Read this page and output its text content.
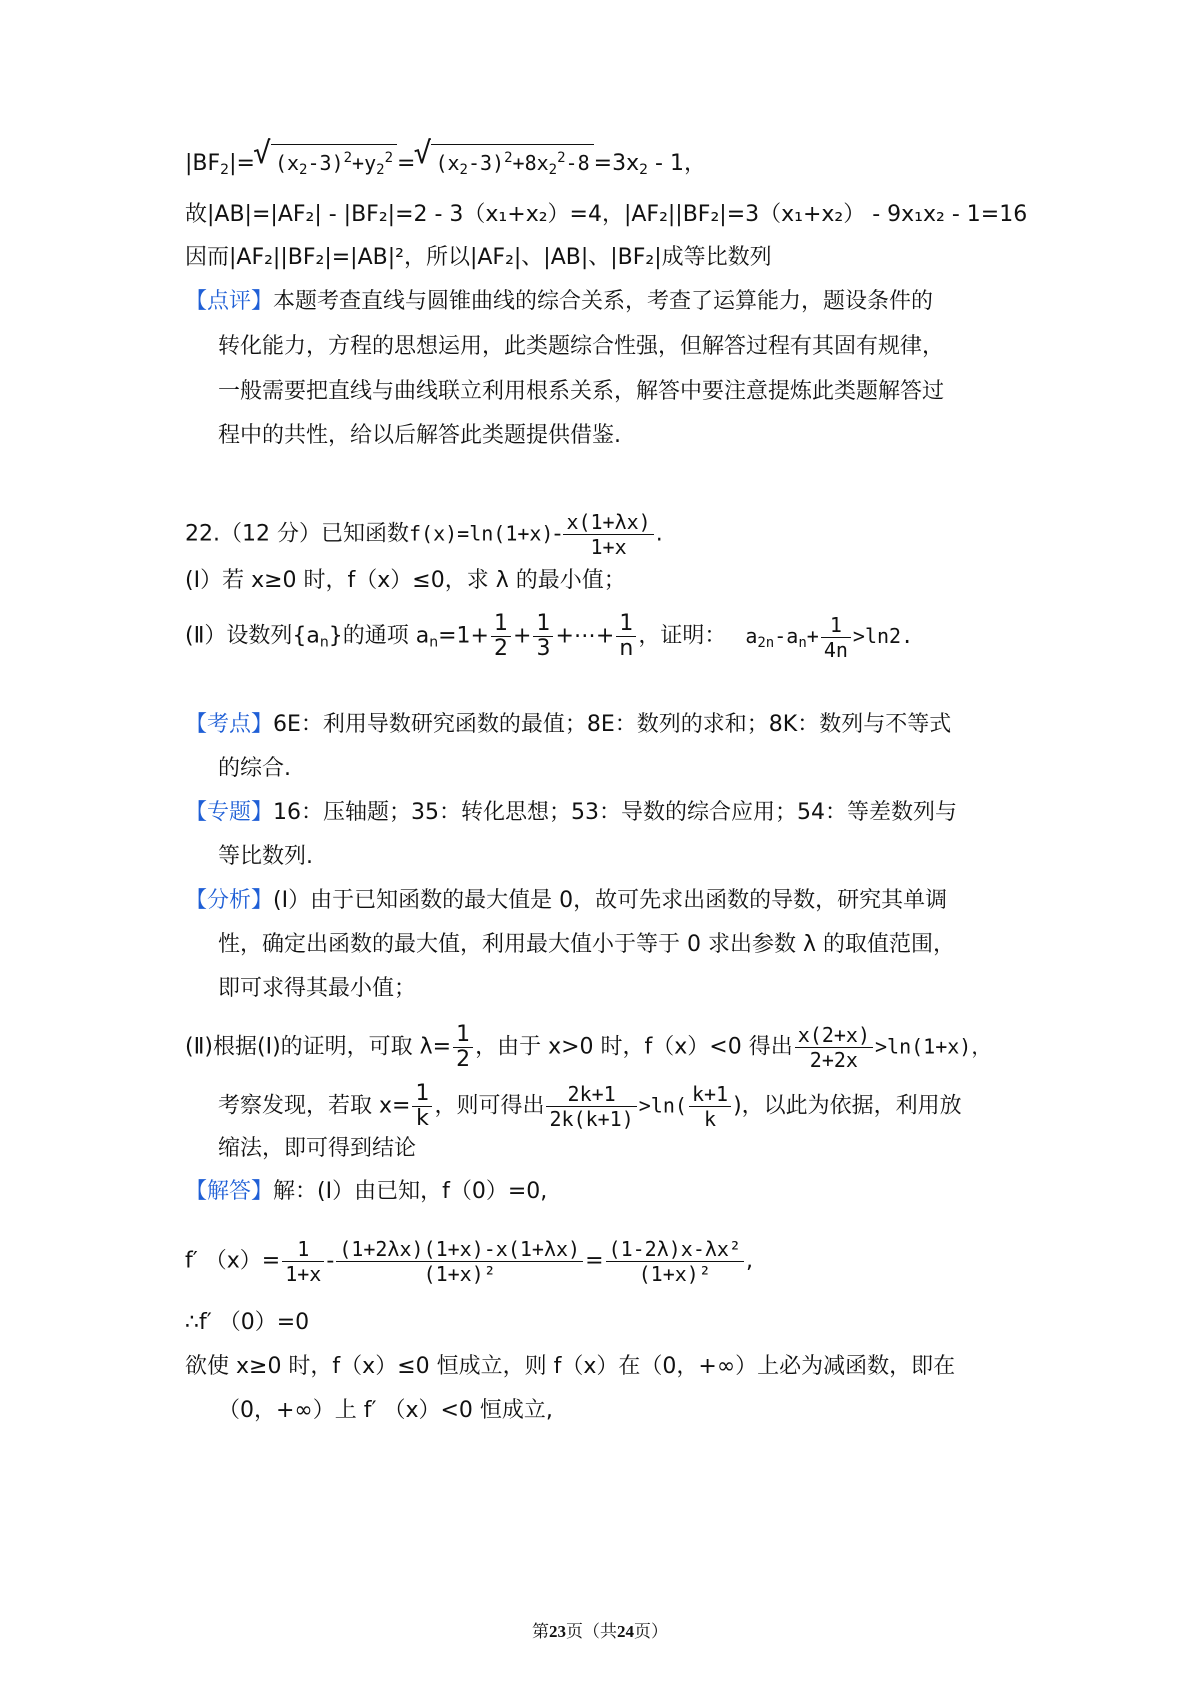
$|BF_2|=√$ $(x_2-3)^2+y_2^2$ =√ $(x_2-3)^2+8x_2^2-8 =3x_2 - 1$，
故|AB|=|AF₂| - |BF₂|=2 - 3（x₁+x₂）=4，|AF₂||BF₂|=3（x₁+x₂） - 9x₁x₂ - 1=16
因而|AF₂||BF₂|=|AB|²，所以|AF₂|、|AB|、|BF₂|成等比数列
【点评】本题考查直线与圆锥曲线的综合关系，考查了运算能力，题设条件的
转化能力，方程的思想运用，此类题综合性强，但解答过程有其固有规律，
一般需要把直线与曲线联立利用根系关系，解答中要注意提炼此类题解答过
程中的共性，给以后解答此类题提供借鉴.
22.（12 分）已知函数$f(x)=\ln(1+x)- \frac{x(1+\lambda x)}{1+x}$ .
(Ⅰ）若 x≥0 时，f（x）≤0，求 λ 的最小值；
(Ⅱ）设数列$\{a_n\}$的通项 $a_n=1+ \frac{1}{2} + \frac{1}{3}$ +⋯+ $\frac{1}{n}$ ，证明： $a_{2n}-a_n+ \frac{1}{4n} >\ln 2$.
【考点】6E：利用导数研究函数的最值；8E：数列的求和；8K：数列与不等式
的综合.
【专题】16：压轴题；35：转化思想；53：导数的综合应用；54：等差数列与
等比数列.
【分析】(Ⅰ）由于已知函数的最大值是 0，故可先求出函数的导数，研究其单调
性，确定出函数的最大值，利用最大值小于等于 0 求出参数 λ 的取值范围，
即可求得其最小值；
(Ⅱ)根据(Ⅰ)的证明，可取 $\lambda= \frac{1}{2}$ ，由于 x>0 时，f（x）<0 得出 $\frac{x(2+x)}{2+2x} >\ln(1+x)$，
考察发现，若取 $x= \frac{1}{k}$ ，则可得出 $\frac{2k+1}{2k(k+1)} >\ln( \frac{k+1}{k}$ )，以此为依据，利用放
缩法，即可得到结论
【解答】解：(Ⅰ）由已知，f（0）=0,
f′ $(x)= \frac{1}{1+x} - \frac{(1+2\lambda x)(1+x)-x(1+\lambda x)}{\text{(1+x)²}} = \frac{\text{(1-2λ)x-λx²}}{\text{(1+x)²}}$ ,
∴f′ （0）=0
欲使 x≥0 时，f（x）≤0 恒成立，则 f（x）在（0，+∞）上必为减函数，即在
（0，+∞）上 f′ （x）<0 恒成立,
第23页（共24页）
